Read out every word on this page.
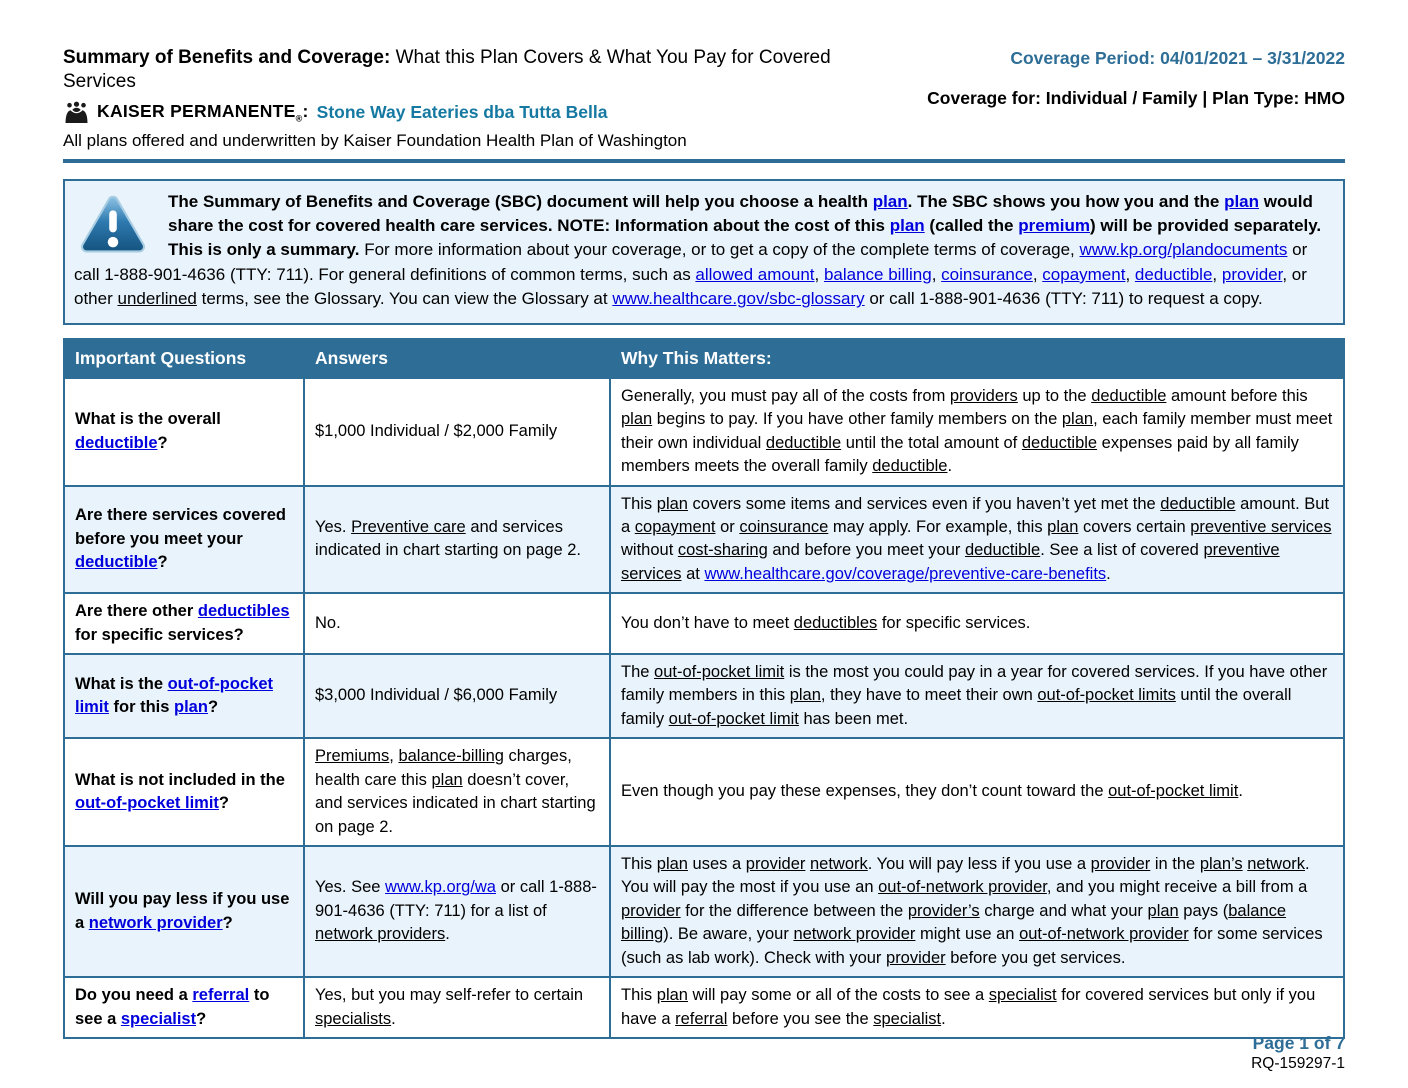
Summary of Benefits and Coverage: What this Plan Covers & What You Pay for Covered Services
KAISER $PERMANENTE_®$: Stone Way Eateries dba Tutta Bella
All plans offered and underwritten by Kaiser Foundation Health Plan of Washington
Coverage Period: 04/01/2021 – 3/31/2022
Coverage for: Individual / Family | Plan Type: HMO
The Summary of Benefits and Coverage (SBC) document will help you choose a health plan. The SBC shows you how you and the plan would share the cost for covered health care services. NOTE: Information about the cost of this plan (called the premium) will be provided separately. This is only a summary. For more information about your coverage, or to get a copy of the complete terms of coverage, www.kp.org/plandocuments or call 1-888-901-4636 (TTY: 711). For general definitions of common terms, such as allowed amount, balance billing, coinsurance, copayment, deductible, provider, or other underlined terms, see the Glossary. You can view the Glossary at www.healthcare.gov/sbc-glossary or call 1-888-901-4636 (TTY: 711) to request a copy.
Important Questions	Answers	Why This Matters:
What is the overall deductible?	$1,000 Individual / $2,000 Family	Generally, you must pay all of the costs from providers up to the deductible amount before this plan begins to pay. If you have other family members on the plan, each family member must meet their own individual deductible until the total amount of deductible expenses paid by all family members meets the overall family deductible.
Are there services covered before you meet your deductible?	Yes. Preventive care and services indicated in chart starting on page 2.	This plan covers some items and services even if you haven’t yet met the deductible amount. But a copayment or coinsurance may apply. For example, this plan covers certain preventive services without cost-sharing and before you meet your deductible. See a list of covered preventive services at www.healthcare.gov/coverage/preventive-care-benefits.
Are there other deductibles for specific services?	No.	You don’t have to meet deductibles for specific services.
What is the out-of-pocket limit for this plan?	$3,000 Individual / $6,000 Family	The out-of-pocket limit is the most you could pay in a year for covered services. If you have other family members in this plan, they have to meet their own out-of-pocket limits until the overall family out-of-pocket limit has been met.
What is not included in the out-of-pocket limit?	Premiums, balance-billing charges, health care this plan doesn’t cover, and services indicated in chart starting on page 2.	Even though you pay these expenses, they don’t count toward the out-of-pocket limit.
Will you pay less if you use a network provider?	Yes. See www.kp.org/wa or call 1-888-901-4636 (TTY: 711) for a list of network providers.	This plan uses a provider network. You will pay less if you use a provider in the plan’s network. You will pay the most if you use an out-of-network provider, and you might receive a bill from a provider for the difference between the provider’s charge and what your plan pays (balance billing). Be aware, your network provider might use an out-of-network provider for some services (such as lab work). Check with your provider before you get services.
Do you need a referral to see a specialist?	Yes, but you may self-refer to certain specialists.	This plan will pay some or all of the costs to see a specialist for covered services but only if you have a referral before you see the specialist.
Page 1 of 7
RQ-159297-1
